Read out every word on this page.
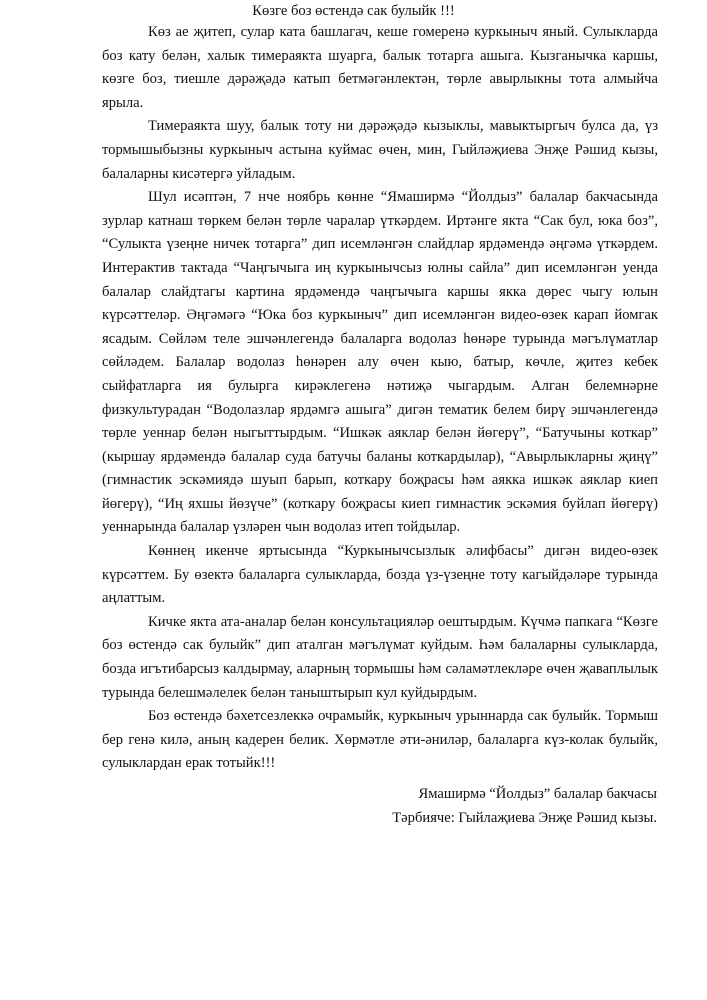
Көзге боз өстендә сак булыйк !!!

Көз ае җитеп, сулар ката башлагач, кеше гомеренә куркыныч яный. Сулыкларда боз кату белән, халык тимераякта шуарга, балык тотарга ашыга. Кызганычка каршы, көзге боз, тиешле дәрәҗәдә катып бетмәгәнлектән, төрле авырлыкны тота алмыйча ярыла.

Тимераякта шуу, балык тоту ни дәрәҗәдә кызыклы, мавыктыргыч булса да, үз тормышыбызны куркыныч астына куймас өчен, мин, Гыйләҗиева Энҗе Рәшид кызы, балаларны кисәтергә уйладым.

Шул исәптән, 7 нче ноябрь көнне “Ямаширмә “Йолдыз” балалар бакчасында зурлар катнаш төркем белән төрле чаралар үткәрдем. Иртәнге якта “Сак бул, юка боз”, “Сулыкта үзеңне ничек тотарга” дип исемләнгән слайдлар ярдәмендә әңгәмә үткәрдем. Интерактив тактада “Чаңгычыга иң куркынычсыз юлны сайла” дип исемләнгән уенда балалар слайдтагы картина ярдәмендә чаңгычыга каршы якка дөрес чыгу юлын күрсәттеләр. Әңгәмәгә “Юка боз куркыныч” дип исемләнгән видео-өзек карап йомгак ясадым. Сөйләм теле эшчәнлегендә балаларга водолаз һөнәре турында мәгълүматлар сөйләдем. Балалар водолаз һөнәрен алу өчен кыю, батыр, көчле, җитез кебек сыйфатларга ия булырга кирәклегенә нәтиҗә чыгардым. Алган белемнәрне физкультурадан “Водолазлар ярдәмгә ашыга” дигән тематик белем бирү эшчәнлегендә төрле уеннар белән ныгыттырдым. “Ишкәк аяклар белән йөгерү”, “Батучыны коткар” (кыршау ярдәмендә балалар суда батучы баланы коткардылар), “Авырлыкларны җиңү” (гимнастик эскәмиядә шуып барып, коткару боҗрасы һәм аякка ишкәк аяклар киеп йөгерү), “Иң яхшы йөзүче” (коткару боҗрасы киеп гимнастик эскәмия буйлап йөгерү) уеннарында балалар үзләрен чын водолаз итеп тойдылар.

Көннең икенче яртысында “Куркынычсызлык әлифбасы” дигән видео-өзек күрсәттем. Бу өзектә балаларга сулыкларда, бозда үз-үзеңне тоту кагыйдәләре турында аңлаттым.

Кичке якта ата-аналар белән консультацияләр оештырдым. Күчмә папкага “Көзге боз өстендә сак булыйк” дип аталган мәгълүмат куйдым. Һәм балаларны сулыкларда, бозда игътибарсыз калдырмау, аларның тормышы һәм сәламәтлекләре өчен җаваплылык турында белешмәлелек белән таныштырып кул куйдырдым.

Боз өстендә бәхетсезлеккә очрамыйк, куркыныч урыннарда сак булыйк. Тормыш бер генә килә, аның кадерен белик. Хөрмәтле әти-әниләр, балаларга күз-колак булыйк, сулыклардан ерак тотыйк!!!

Ямаширмә “Йолдыз” балалар бакчасы

Тәрбияче: Гыйлаҗиева Энҗе Рәшид кызы.
